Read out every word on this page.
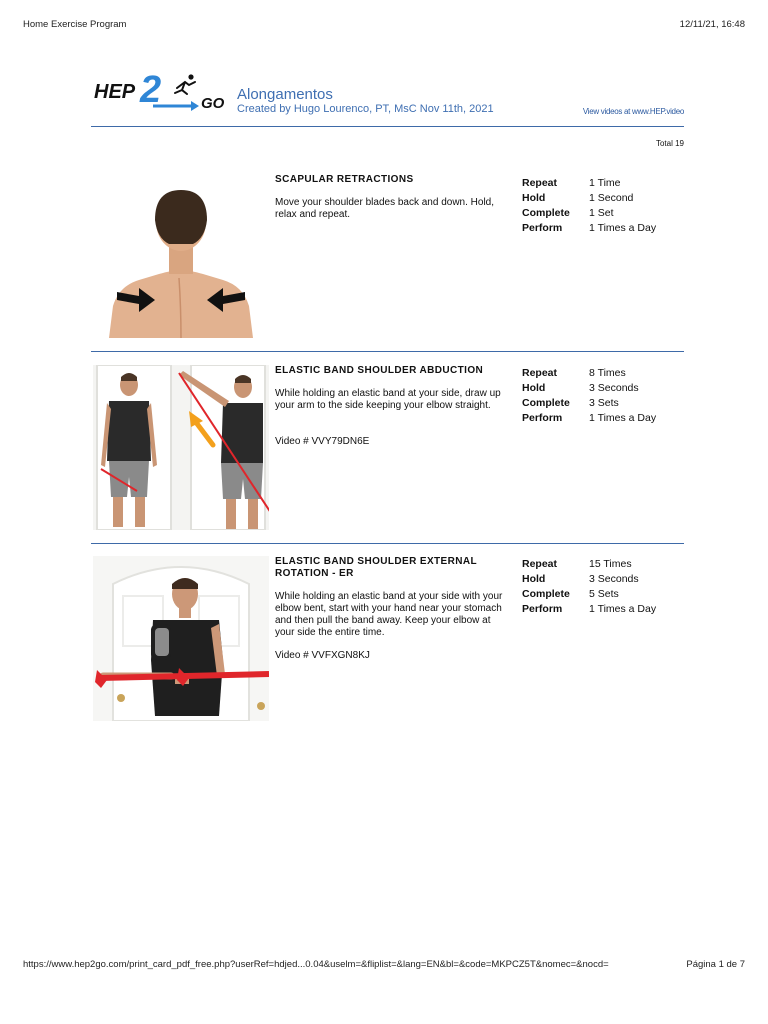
Home Exercise Program	12/11/21, 16:48
HEP 2	GO
Alongamentos
Created by Hugo Lourenco, PT, MsC Nov 11th, 2021	View videos at www.HEP.video
Total 19
SCAPULAR RETRACTIONS
Move your shoulder blades back and down. Hold, relax and repeat.
Repeat	1 Time
Hold	1 Second
Complete	1 Set
Perform	1 Times a Day
ELASTIC BAND SHOULDER ABDUCTION
While holding an elastic band at your side, draw up your arm to the side keeping your elbow straight.
Video # VVY79DN6E
Repeat	8 Times
Hold	3 Seconds
Complete	3 Sets
Perform	1 Times a Day
ELASTIC BAND SHOULDER EXTERNAL ROTATION - ER
While holding an elastic band at your side with your elbow bent, start with your hand near your stomach and then pull the band away. Keep your elbow at your side the entire time.
Video # VVFXGN8KJ
Repeat	15 Times
Hold	3 Seconds
Complete	5 Sets
Perform	1 Times a Day
https://www.hep2go.com/print_card_pdf_free.php?userRef=hdjed...0.04&uselm=&fliplist=&lang=EN&bl=&code=MKPCZ5T&nomec=&nocd=	Página 1 de 7
